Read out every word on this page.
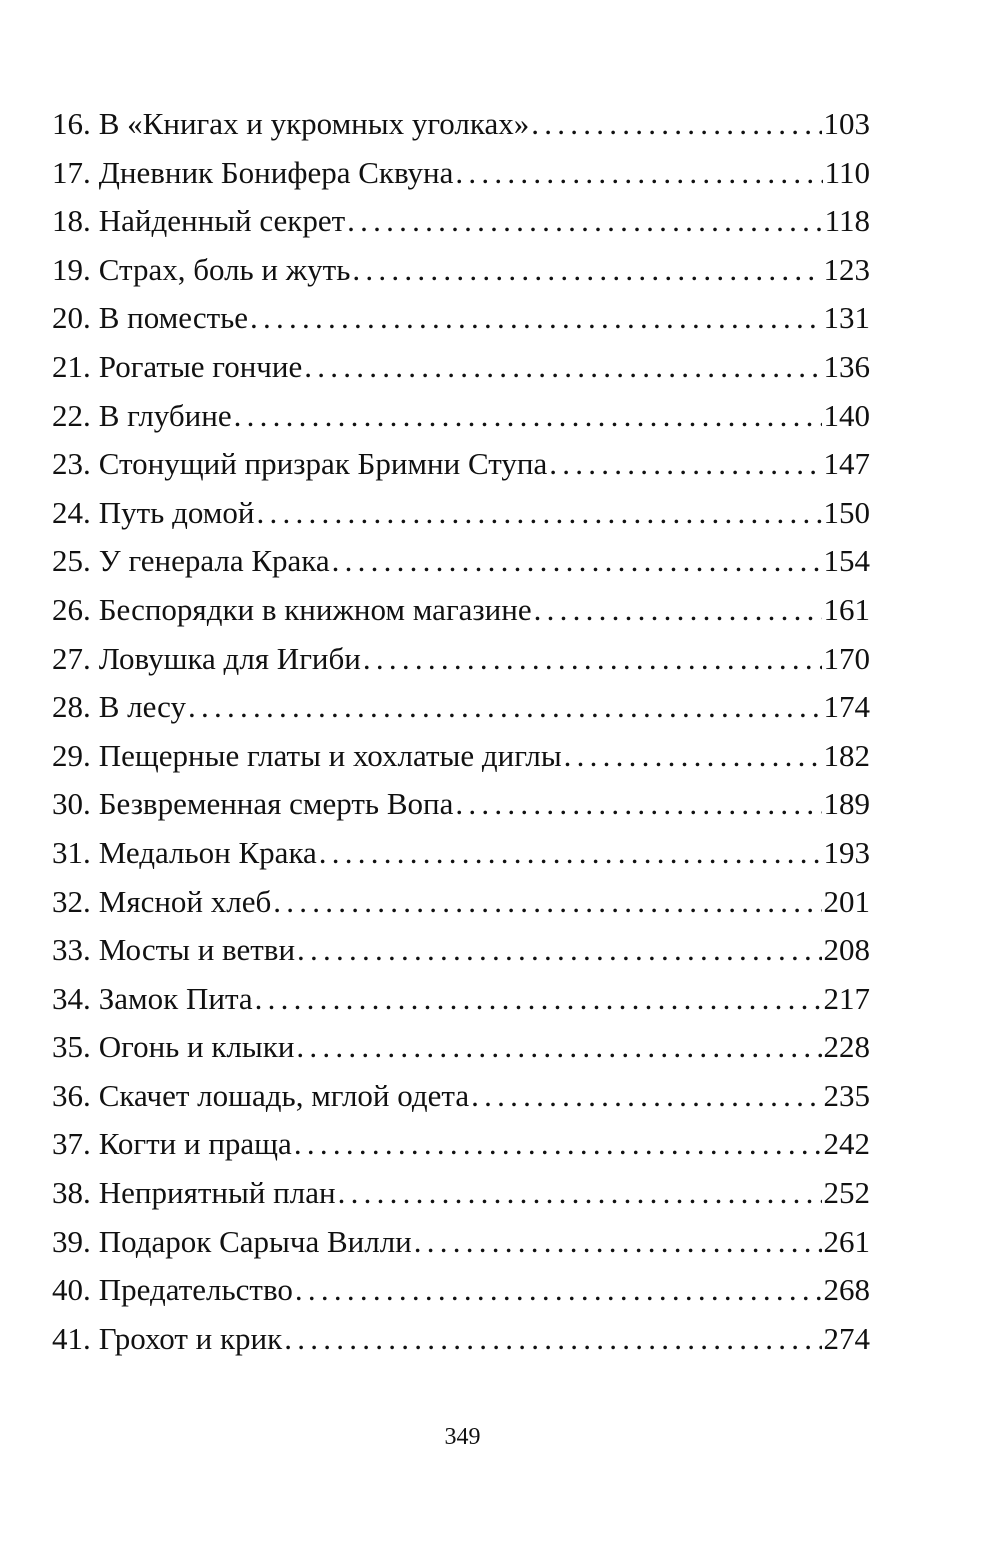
16. В «Книгах и укромных уголках» . . .	103
17. Дневник Бонифера Сквуна . . .	110
18. Найденный секрет . . .	118
19. Страх, боль и жуть . . .	123
20. В поместье . . .	131
21. Рогатые гончие . . .	136
22. В глубине . . .	140
23. Стонущий призрак Бримни Ступа . . .	147
24. Путь домой . . .	150
25. У генерала Крака . . .	154
26. Беспорядки в книжном магазине . . .	161
27. Ловушка для Игиби . . .	170
28. В лесу . . .	174
29. Пещерные глаты и хохлатые диглы . . .	182
30. Безвременная смерть Вопа . . .	189
31. Медальон Крака . . .	193
32. Мясной хлеб . . .	201
33. Мосты и ветви . . .	208
34. Замок Пита . . .	217
35. Огонь и клыки . . .	228
36. Скачет лошадь, мглой одета . . .	235
37. Когти и праща . . .	242
38. Неприятный план . . .	252
39. Подарок Сарыча Вилли . . .	261
40. Предательство . . .	268
41. Грохот и крик . . .	274
349
